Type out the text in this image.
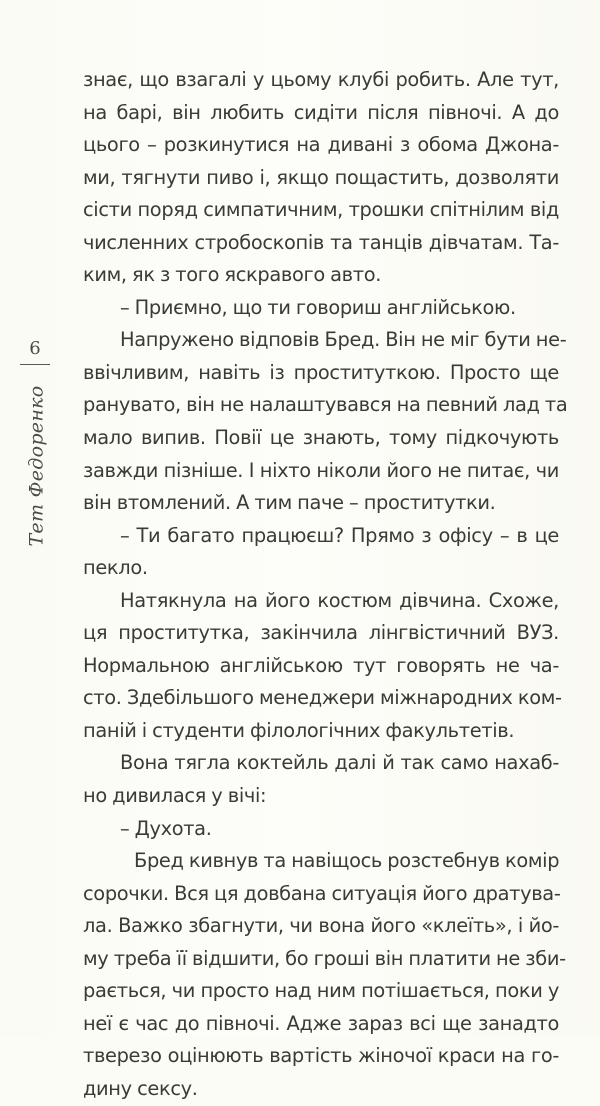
6
Тет Федоренко
знає, що взагалі у цьому клубі робить. Але тут,
на барі, він любить сидіти після півночі. А до
цього – розкинутися на дивані з обома Джона-
ми, тягнути пиво і, якщо пощастить, дозволяти
сісти поряд симпатичним, трошки спітнілим від
численних стробоскопів та танців дівчатам. Та-
ким, як з того яскравого авто.
– Приємно, що ти говориш англійською.
Напружено відповів Бред. Він не міг бути не-
ввічливим, навіть із проституткою. Просто ще
ранувато, він не налаштувався на певний лад та
мало випив. Повії це знають, тому підкочують
завжди пізніше. І ніхто ніколи його не питає, чи
він втомлений. А тим паче – проститутки.
– Ти багато працюєш? Прямо з офісу – в це
пекло.
Натякнула на його костюм дівчина. Схоже,
ця проститутка, закінчила лінгвістичний ВУЗ.
Нормальною англійською тут говорять не ча-
сто. Здебільшого менеджери міжнародних ком-
паній і студенти філологічних факультетів.
Вона тягла коктейль далі й так само нахаб-
но дивилася у вічі:
– Духота.
Бред кивнув та навіщось розстебнув комір
сорочки. Вся ця довбана ситуація його дратува-
ла. Важко збагнути, чи вона його «клеїть», і йо-
му треба її відшити, бо гроші він платити не зби-
рається, чи просто над ним потішається, поки у
неї є час до півночі. Адже зараз всі ще занадто
тверезо оцінюють вартість жіночої краси на го-
дину сексу.
